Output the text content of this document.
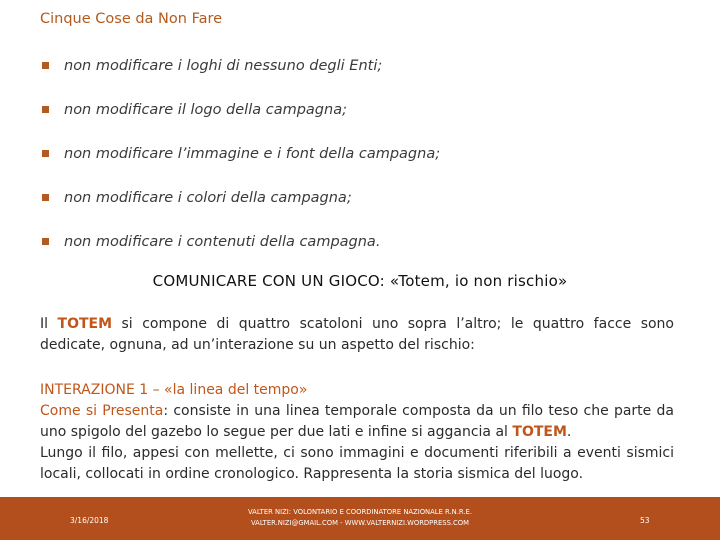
Cinque Cose da Non Fare
non modificare i loghi di nessuno degli Enti;
non modificare il logo della campagna;
non modificare l’immagine e i font della campagna;
non modificare i colori della campagna;
non modificare i contenuti della campagna.
COMUNICARE CON UN GIOCO: «Totem, io non rischio»
Il TOTEM si compone di quattro scatoloni uno sopra l’altro; le quattro facce sono dedicate, ognuna, ad un’interazione su un aspetto del rischio:
INTERAZIONE 1 – «la linea del tempo»
Come si Presenta: consiste in una linea temporale composta da un filo teso che parte da uno spigolo del gazebo lo segue per due lati e infine si aggancia al TOTEM.
Lungo il filo, appesi con mellette, ci sono immagini e documenti riferibili a eventi sismici locali, collocati in ordine cronologico. Rappresenta la storia sismica del luogo.
3/16/2018
VALTER NIZI: VOLONTARIO E COORDINATORE NAZIONALE R.N.R.E.
VALTER.NIZI@GMAIL.COM - WWW.VALTERNIZI.WORDPRESS.COM	53
